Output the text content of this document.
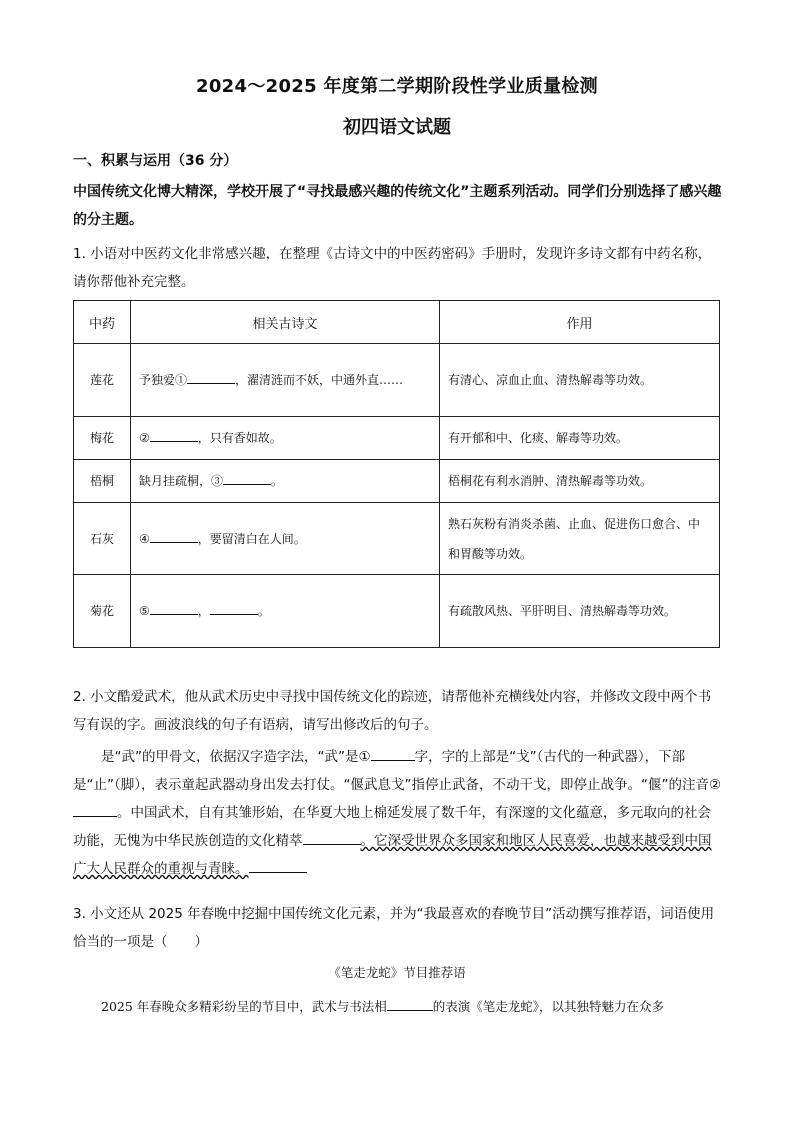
2024～2025 年度第二学期阶段性学业质量检测
初四语文试题
一、积累与运用（36 分）
中国传统文化博大精深，学校开展了“寻找最感兴趣的传统文化”主题系列活动。同学们分别选择了感兴趣的分主题。
1. 小语对中医药文化非常感兴趣，在整理《古诗文中的中医药密码》手册时，发现许多诗文都有中药名称，请你帮他补充完整。
中药	相关古诗文	作用
莲花	予独爱① ，濯清涟而不妖，中通外直……	有清心、凉血止血、清热解毒等功效。
梅花	② ，只有香如故。	有开郁和中、化痰、解毒等功效。
梧桐	缺月挂疏桐，③ 。	梧桐花有利水消肿、清热解毒等功效。
石灰	④ ，要留清白在人间。	熟石灰粉有消炎杀菌、止血、促进伤口愈合、中和胃酸等功效。
菊花	⑤ ， 。	有疏散风热、平肝明目、清热解毒等功效。
2. 小文酷爱武术，他从武术历史中寻找中国传统文化的踪迹，请帮他补充横线处内容，并修改文段中两个书写有误的字。画波浪线的句子有语病，请写出修改后的句子。
是“武”的甲骨文，依据汉字造字法，“武”是①	字，字的上部是“戈”（古代的一种武器），下部是“止”（脚），表示童起武器动身出发去打仗。“偃武息戈”指停止武备，不动干戈，即停止战争。“偃”的注音②。中国武术，自有其雏形始，在华夏大地上棉延发展了数千年，有深邃的文化蕴意，多元取向的社会功能，无愧为中华民族创造的文化精萃	。它深受世界众多国家和地区人民喜爱，也越来越受到中国广大人民群众的重视与青睐。
3. 小文还从 2025 年春晚中挖掘中国传统文化元素，并为“我最喜欢的春晚节目”活动撰写推荐语，词语使用恰当的一项是（　　）
《笔走龙蛇》节目推荐语
2025 年春晚众多精彩纷呈的节目中，武术与书法相	的表演《笔走龙蛇》，以其独特魅力在众多
